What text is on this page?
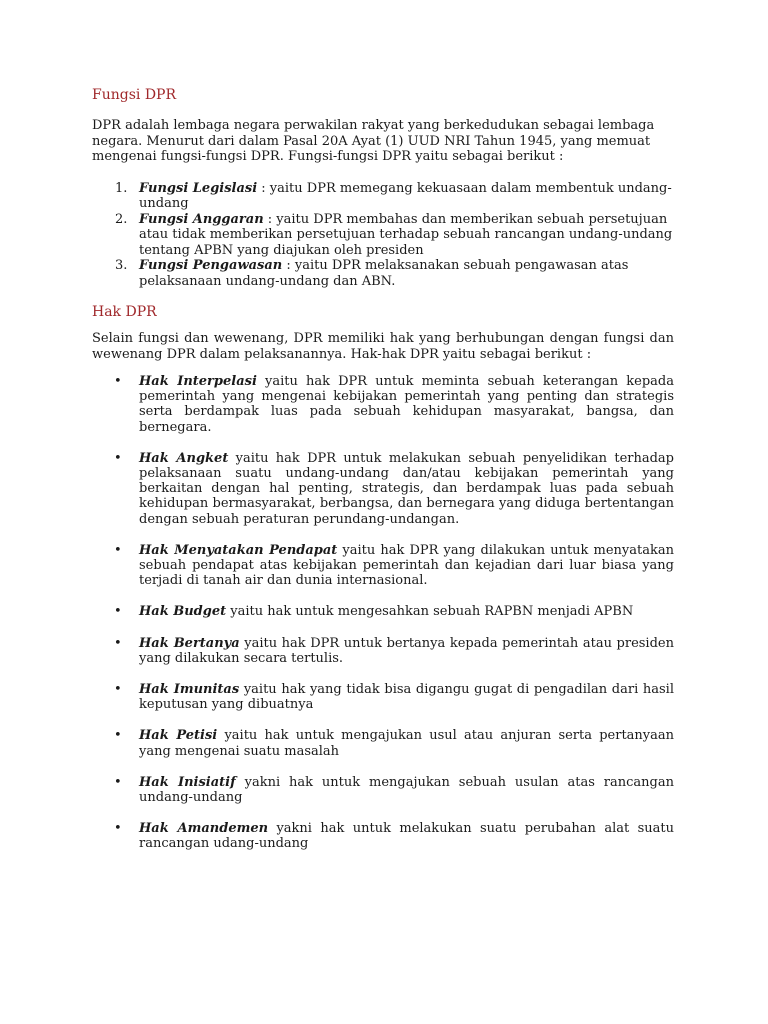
Fungsi DPR

DPR adalah lembaga negara perwakilan rakyat yang berkedudukan sebagai lembaga negara. Menurut dari dalam Pasal 20A Ayat (1) UUD NRI Tahun 1945, yang memuat mengenai fungsi-fungsi DPR. Fungsi-fungsi DPR yaitu sebagai berikut :

1. Fungsi Legislasi : yaitu DPR memegang kekuasaan dalam membentuk undang-undang
2. Fungsi Anggaran : yaitu DPR membahas dan memberikan sebuah persetujuan atau tidak memberikan persetujuan terhadap sebuah rancangan undang-undang tentang APBN yang diajukan oleh presiden
3. Fungsi Pengawasan : yaitu DPR melaksanakan sebuah pengawasan atas pelaksanaan undang-undang dan ABN.
Hak DPR

Selain fungsi dan wewenang, DPR memiliki hak yang berhubungan dengan fungsi dan wewenang DPR dalam pelaksanannya. Hak-hak DPR yaitu sebagai berikut :

• Hak Interpelasi yaitu hak DPR untuk meminta sebuah keterangan kepada pemerintah yang mengenai kebijakan pemerintah yang penting dan strategis serta berdampak luas pada sebuah kehidupan masyarakat, bangsa, dan bernegara.
• Hak Angket yaitu hak DPR untuk melakukan sebuah penyelidikan terhadap pelaksanaan suatu undang-undang dan/atau kebijakan pemerintah yang berkaitan dengan hal penting, strategis, dan berdampak luas pada sebuah kehidupan bermasyarakat, berbangsa, dan bernegara yang diduga bertentangan dengan sebuah peraturan perundang-undangan.
• Hak Menyatakan Pendapat yaitu hak DPR yang dilakukan untuk menyatakan sebuah pendapat atas kebijakan pemerintah dan kejadian dari luar biasa yang terjadi di tanah air dan dunia internasional.
• Hak Budget yaitu hak untuk mengesahkan sebuah RAPBN menjadi APBN
• Hak Bertanya yaitu hak DPR untuk bertanya kepada pemerintah atau presiden yang dilakukan secara tertulis.
• Hak Imunitas yaitu hak yang tidak bisa digangu gugat di pengadilan dari hasil keputusan yang dibuatnya
• Hak Petisi yaitu hak untuk mengajukan usul atau anjuran serta pertanyaan yang mengenai suatu masalah
• Hak Inisiatif yakni hak untuk mengajukan sebuah usulan atas rancangan undang-undang
• Hak Amandemen yakni hak untuk melakukan suatu perubahan alat suatu rancangan udang-undang
